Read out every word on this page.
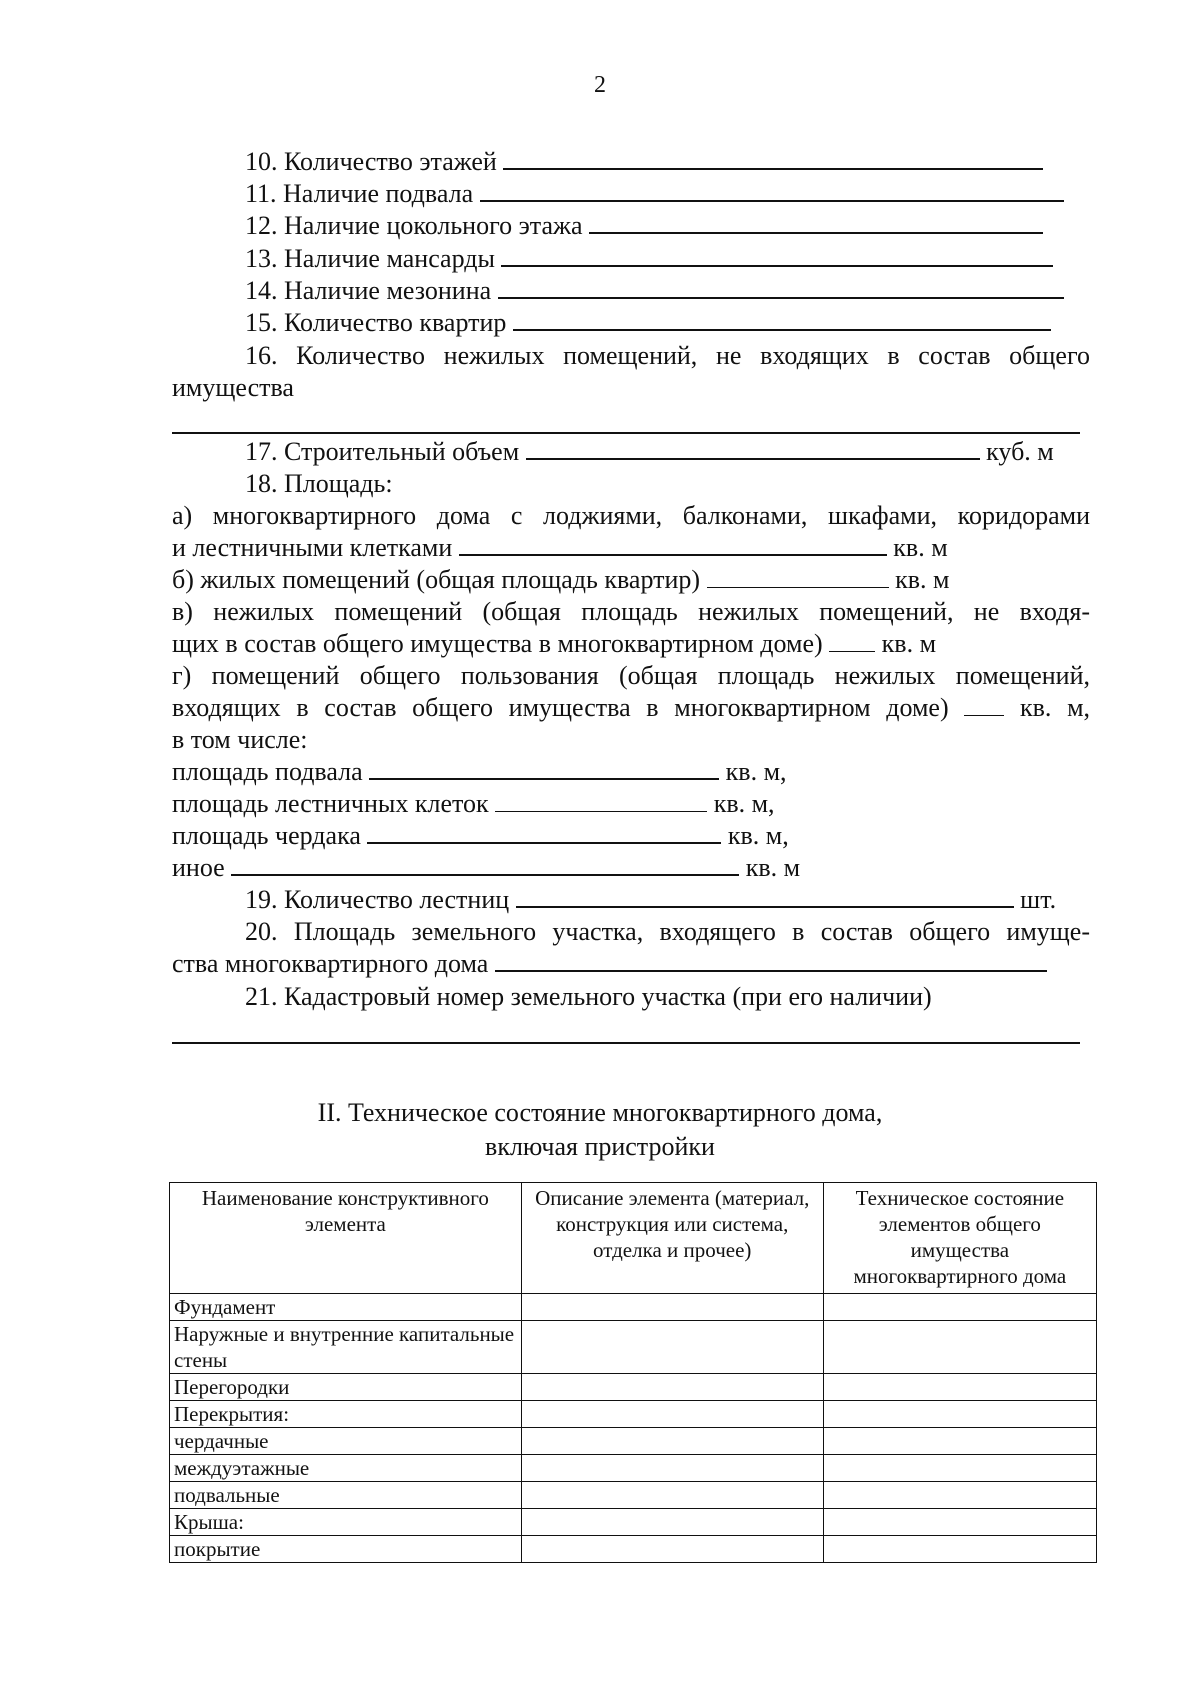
2
10. Количество этажей
11. Наличие подвала
12. Наличие цокольного этажа
13. Наличие мансарды
14. Наличие мезонина
15. Количество квартир
16. Количество нежилых помещений, не входящих в состав общего
имущества
17. Строительный объем	куб. м
18. Площадь:
а) многоквартирного дома с лоджиями, балконами, шкафами, коридорами
и лестничными клетками	кв. м
б) жилых помещений (общая площадь квартир)	кв. м
в) нежилых помещений (общая площадь нежилых помещений, не входя-
щих в состав общего имущества в многоквартирном доме) кв. м
г) помещений общего пользования (общая площадь нежилых помещений,
входящих в состав общего имущества в многоквартирном доме)	кв. м,
в том числе:
площадь подвала	кв. м,
площадь лестничных клеток	кв. м,
площадь чердака	кв. м,
иное	кв. м
19. Количество лестниц	шт.
20. Площадь земельного участка, входящего в состав общего имуще-
ства многоквартирного дома
21. Кадастровый номер земельного участка (при его наличии)
II. Техническое состояние многоквартирного дома,
включая пристройки
Наименование конструктивного элемента	Описание элемента (материал, конструкция или система, отделка и прочее)	Техническое состояние элементов общего имущества многоквартирного дома
Фундамент		
Наружные и внутренние капитальные стены		
Перегородки		
Перекрытия:		
чердачные		
междуэтажные		
подвальные		
Крыша:		
покрытие		
